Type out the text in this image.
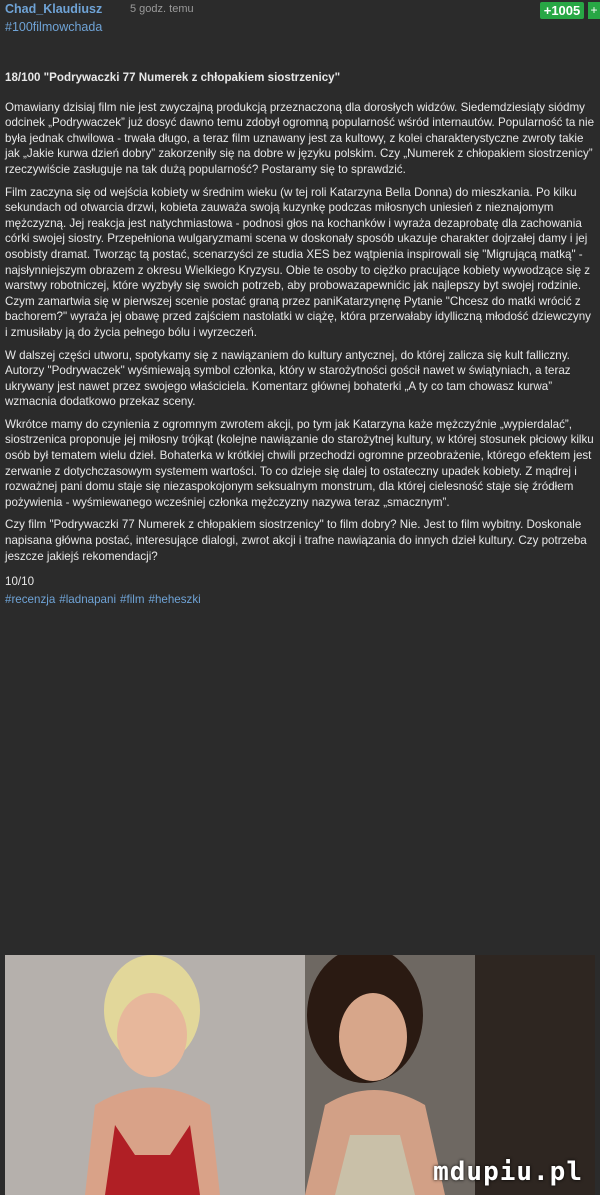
Chad_Klaudiusz	5 godz. temu	+1005 +
#100filmowchada
18/100 "Podrywaczki 77 Numerek z chłopakiem siostrzenicy"
Omawiany dzisiaj film nie jest zwyczajną produkcją przeznaczoną dla dorosłych widzów. Siedemdziesiąty siódmy odcinek „Podrywaczek” już dosyć dawno temu zdobył ogromną popularność wśród internautów. Popularność ta nie była jednak chwilowa - trwała długo, a teraz film uznawany jest za kultowy, z kolei charakterystyczne zwroty takie jak „Jakie kurwa dzień dobry” zakorzeniły się na dobre w języku polskim. Czy „Numerek z chłopakiem siostrzenicy” rzeczywiście zasługuje na tak dużą popularność? Postaramy się to sprawdzić.
Film zaczyna się od wejścia kobiety w średnim wieku (w tej roli Katarzyna Bella Donna) do mieszkania. Po kilku sekundach od otwarcia drzwi, kobieta zauważa swoją kuzynkę podczas miłosnych uniesień z nieznajomym mężczyzną. Jej reakcja jest natychmiastowa - podnosi głos na kochanków i wyraża dezaprobatę dla zachowania córki swojej siostry. Przepełniona wulgaryzmami scena w doskonały sposób ukazuje charakter dojrzałej damy i jej osobisty dramat. Tworząc tą postać, scenarzyści ze studia XES bez wątpienia inspirowali się "Migrującą matką" - najsłynniejszym obrazem z okresu Wielkiego Kryzysu. Obie te osoby to ciężko pracujące kobiety wywodzące się z warstwy robotniczej, które wyzbyły się swoich potrzeb, aby probowazapewnićic jak najlepszy byt swojej rodzinie. Czym zamartwia się w pierwszej scenie postać graną przez paniKatarzynęnę Pytanie "Chcesz do matki wrócić z bachorem?" wyraża jej obawę przed zajściem nastolatki w ciążę, która przerwałaby idylliczną młodość dziewczyny i zmusiłaby ją do życia pełnego bólu i wyrzeczeń.
W dalszej części utworu, spotykamy się z nawiązaniem do kultury antycznej, do której zalicza się kult falliczny. Autorzy "Podrywaczek" wyśmiewają symbol członka, który w starożytności gościł nawet w świątyniach, a teraz ukrywany jest nawet przez swojego właściciela. Komentarz głównej bohaterki „A ty co tam chowasz kurwa” wzmacnia dodatkowo przekaz sceny.
Wkrótce mamy do czynienia z ogromnym zwrotem akcji, po tym jak Katarzyna każe mężczyźnie „wypierdalać”, siostrzenica proponuje jej miłosny trójkąt (kolejne nawiązanie do starożytnej kultury, w której stosunek płciowy kilku osób był tematem wielu dzieł. Bohaterka w krótkiej chwili przechodzi ogromne przeobrażenie, którego efektem jest zerwanie z dotychczasowym systemem wartości. To co dzieje się dalej to ostateczny upadek kobiety. Z mądrej i rozważnej pani domu staje się niezaspokojonym seksualnym monstrum, dla której cielesność staje się źródłem pożywienia - wyśmiewanego wcześniej członka mężczyzny nazywa teraz „smacznym”.
Czy film "Podrywaczki 77 Numerek z chłopakiem siostrzenicy" to film dobry? Nie. Jest to film wybitny. Doskonale napisana główna postać, interesujące dialogi, zwrot akcji i trafne nawiązania do innych dzieł kultury. Czy potrzeba jeszcze jakiejś rekomendacji?
10/10
#recenzja #ladnapani #film #heheszki
mdupiu.pl
